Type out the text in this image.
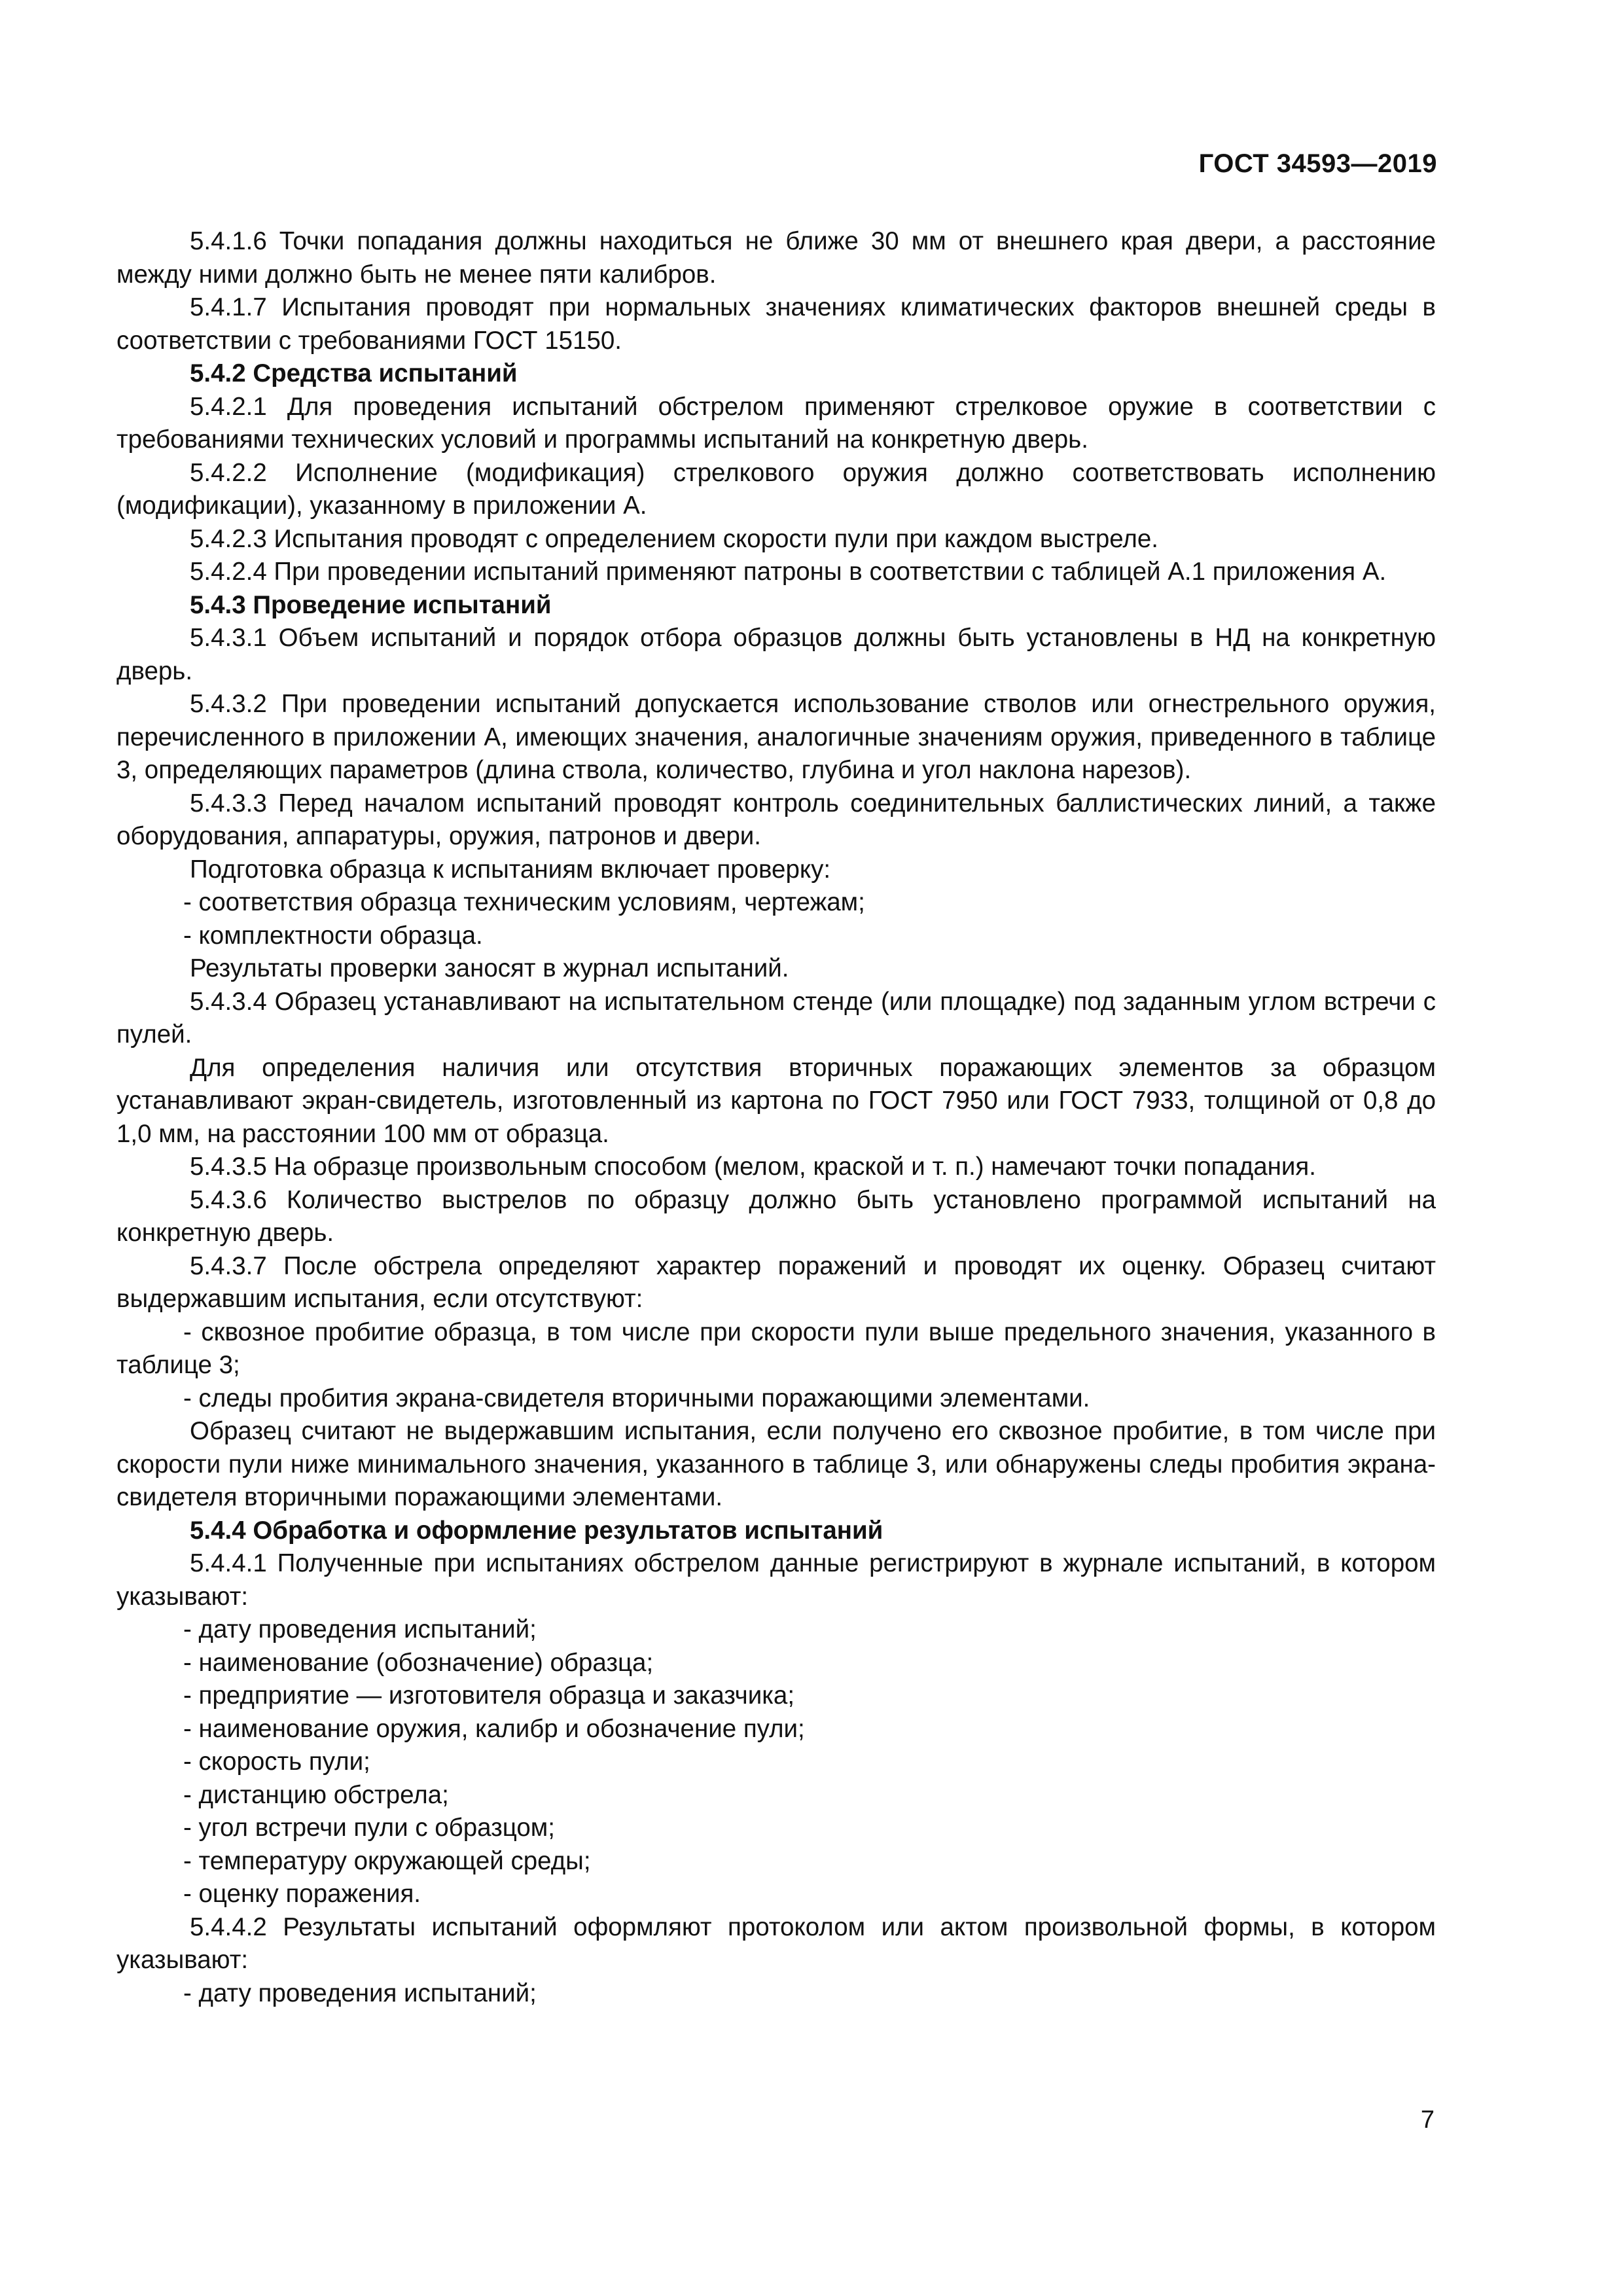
ГОСТ 34593—2019

5.4.1.6 Точки попадания должны находиться не ближе 30 мм от внешнего края двери, а расстояние между ними должно быть не менее пяти калибров.

5.4.1.7 Испытания проводят при нормальных значениях климатических факторов внешней среды в соответствии с требованиями ГОСТ 15150.

5.4.2 Средства испытаний

5.4.2.1 Для проведения испытаний обстрелом применяют стрелковое оружие в соответствии с требованиями технических условий и программы испытаний на конкретную дверь.

5.4.2.2 Исполнение (модификация) стрелкового оружия должно соответствовать исполнению (модификации), указанному в приложении А.

5.4.2.3 Испытания проводят с определением скорости пули при каждом выстреле.

5.4.2.4 При проведении испытаний применяют патроны в соответствии с таблицей А.1 приложения А.

5.4.3 Проведение испытаний

5.4.3.1 Объем испытаний и порядок отбора образцов должны быть установлены в НД на конкретную дверь.

5.4.3.2 При проведении испытаний допускается использование стволов или огнестрельного оружия, перечисленного в приложении А, имеющих значения, аналогичные значениям оружия, приведенного в таблице 3, определяющих параметров (длина ствола, количество, глубина и угол наклона нарезов).

5.4.3.3 Перед началом испытаний проводят контроль соединительных баллистических линий, а также оборудования, аппаратуры, оружия, патронов и двери.

Подготовка образца к испытаниям включает проверку:

- соответствия образца техническим условиям, чертежам;

- комплектности образца.

Результаты проверки заносят в журнал испытаний.

5.4.3.4 Образец устанавливают на испытательном стенде (или площадке) под заданным углом встречи с пулей.

Для определения наличия или отсутствия вторичных поражающих элементов за образцом устанавливают экран-свидетель, изготовленный из картона по ГОСТ 7950 или ГОСТ 7933, толщиной от 0,8 до 1,0 мм, на расстоянии 100 мм от образца.

5.4.3.5 На образце произвольным способом (мелом, краской и т. п.) намечают точки попадания.

5.4.3.6 Количество выстрелов по образцу должно быть установлено программой испытаний на конкретную дверь.

5.4.3.7 После обстрела определяют характер поражений и проводят их оценку. Образец считают выдержавшим испытания, если отсутствуют:

- сквозное пробитие образца, в том числе при скорости пули выше предельного значения, указанного в таблице 3;

- следы пробития экрана-свидетеля вторичными поражающими элементами.

Образец считают не выдержавшим испытания, если получено его сквозное пробитие, в том числе при скорости пули ниже минимального значения, указанного в таблице 3, или обнаружены следы пробития экрана-свидетеля вторичными поражающими элементами.

5.4.4 Обработка и оформление результатов испытаний

5.4.4.1 Полученные при испытаниях обстрелом данные регистрируют в журнале испытаний, в котором указывают:

- дату проведения испытаний;

- наименование (обозначение) образца;

- предприятие — изготовителя образца и заказчика;

- наименование оружия, калибр и обозначение пули;

- скорость пули;

- дистанцию обстрела;

- угол встречи пули с образцом;

- температуру окружающей среды;

- оценку поражения.

5.4.4.2 Результаты испытаний оформляют протоколом или актом произвольной формы, в котором указывают:

- дату проведения испытаний;

7
